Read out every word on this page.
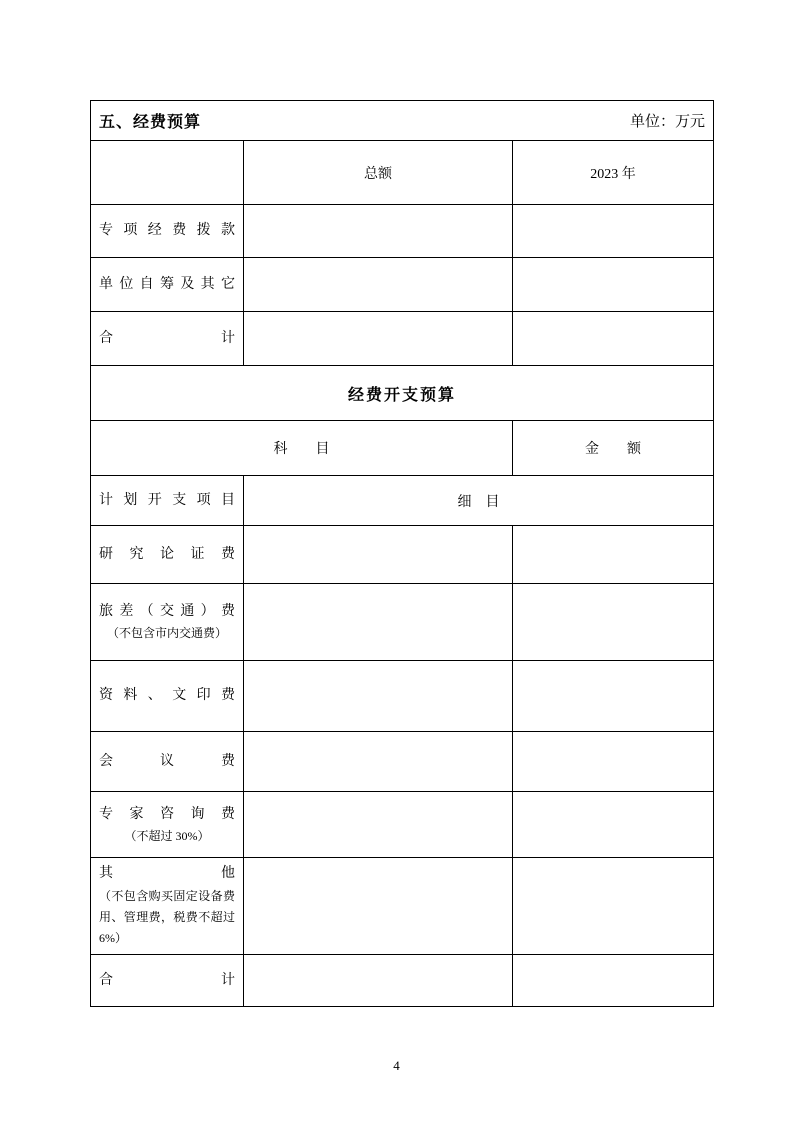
五、经费预算 单位：万元		

	总额	2023 年

专项经费拨款		

单位自筹及其它		

合计		

经费开支预算		
科　　目		金　　额

计划开支项目	细　目	

研究论证费		

旅差（交通）费
（不包含市内交通费）		

资料、文印费		

会议费		

专家咨询费
（不超过 30%）		

其他
（不包含购买固定设备费用、管理费，税费不超过 6%）		

合计		

4
